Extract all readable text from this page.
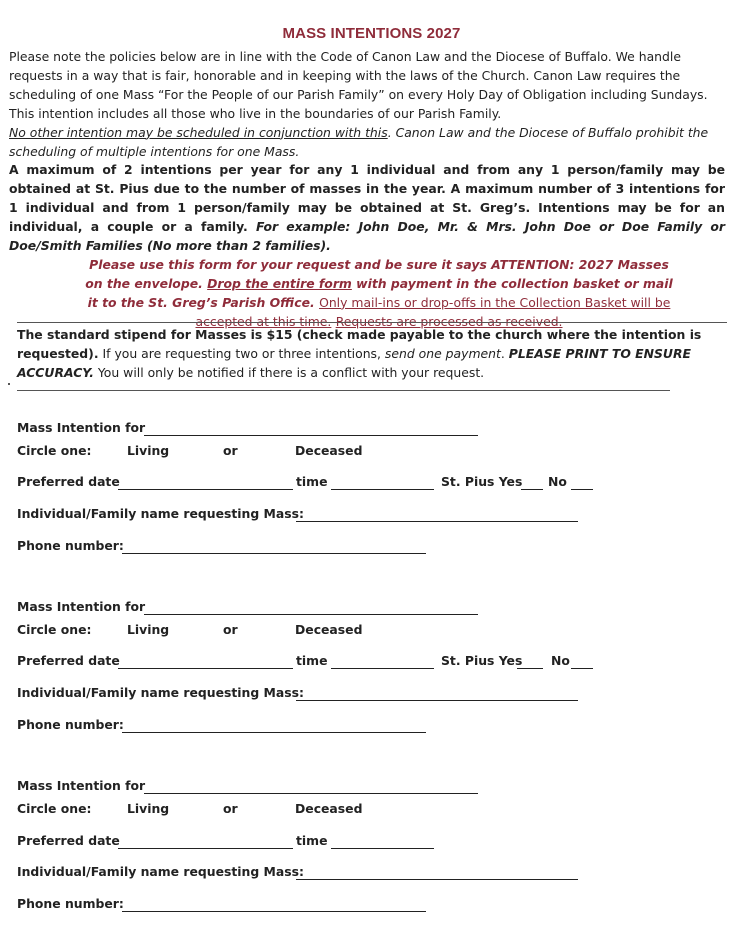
MASS INTENTIONS 2027

Please note the policies below are in line with the Code of Canon Law and the Diocese of Buffalo. We handle requests in a way that is fair, honorable and in keeping with the laws of the Church. Canon Law requires the scheduling of one Mass “For the People of our Parish Family” on every Holy Day of Obligation including Sundays. This intention includes all those who live in the boundaries of our Parish Family.

No other intention may be scheduled in conjunction with this. Canon Law and the Diocese of Buffalo prohibit the scheduling of multiple intentions for one Mass.

A maximum of 2 intentions per year for any 1 individual and from any 1 person/family may be obtained at St. Pius due to the number of masses in the year. A maximum number of 3 intentions for 1 individual and from 1 person/family may be obtained at St. Greg’s. Intentions may be for an individual, a couple or a family. For example: John Doe, Mr. & Mrs. John Doe or Doe Family or Doe/Smith Families (No more than 2 families).

Please use this form for your request and be sure it says ATTENTION: 2027 Masses on the envelope. Drop the entire form with payment in the collection basket or mail it to the St. Greg’s Parish Office. Only mail-ins or drop-offs in the Collection Basket will be accepted at this time. Requests are processed as received.

The standard stipend for Masses is $15 (check made payable to the church where the intention is requested). If you are requesting two or three intentions, send one payment. PLEASE PRINT TO ENSURE ACCURACY. You will only be notified if there is a conflict with your request.
Mass Intention for
Circle one:	Living	or	Deceased
Preferred date	time	St. Pius Yes No
Individual/Family name requesting Mass:
Phone number:
Mass Intention for
Circle one:	Living	or	Deceased
Preferred date	time	St. Pius Yes No
Individual/Family name requesting Mass:
Phone number:
Mass Intention for
Circle one:	Living	or	Deceased
Preferred date	time
Individual/Family name requesting Mass:
Phone number:
